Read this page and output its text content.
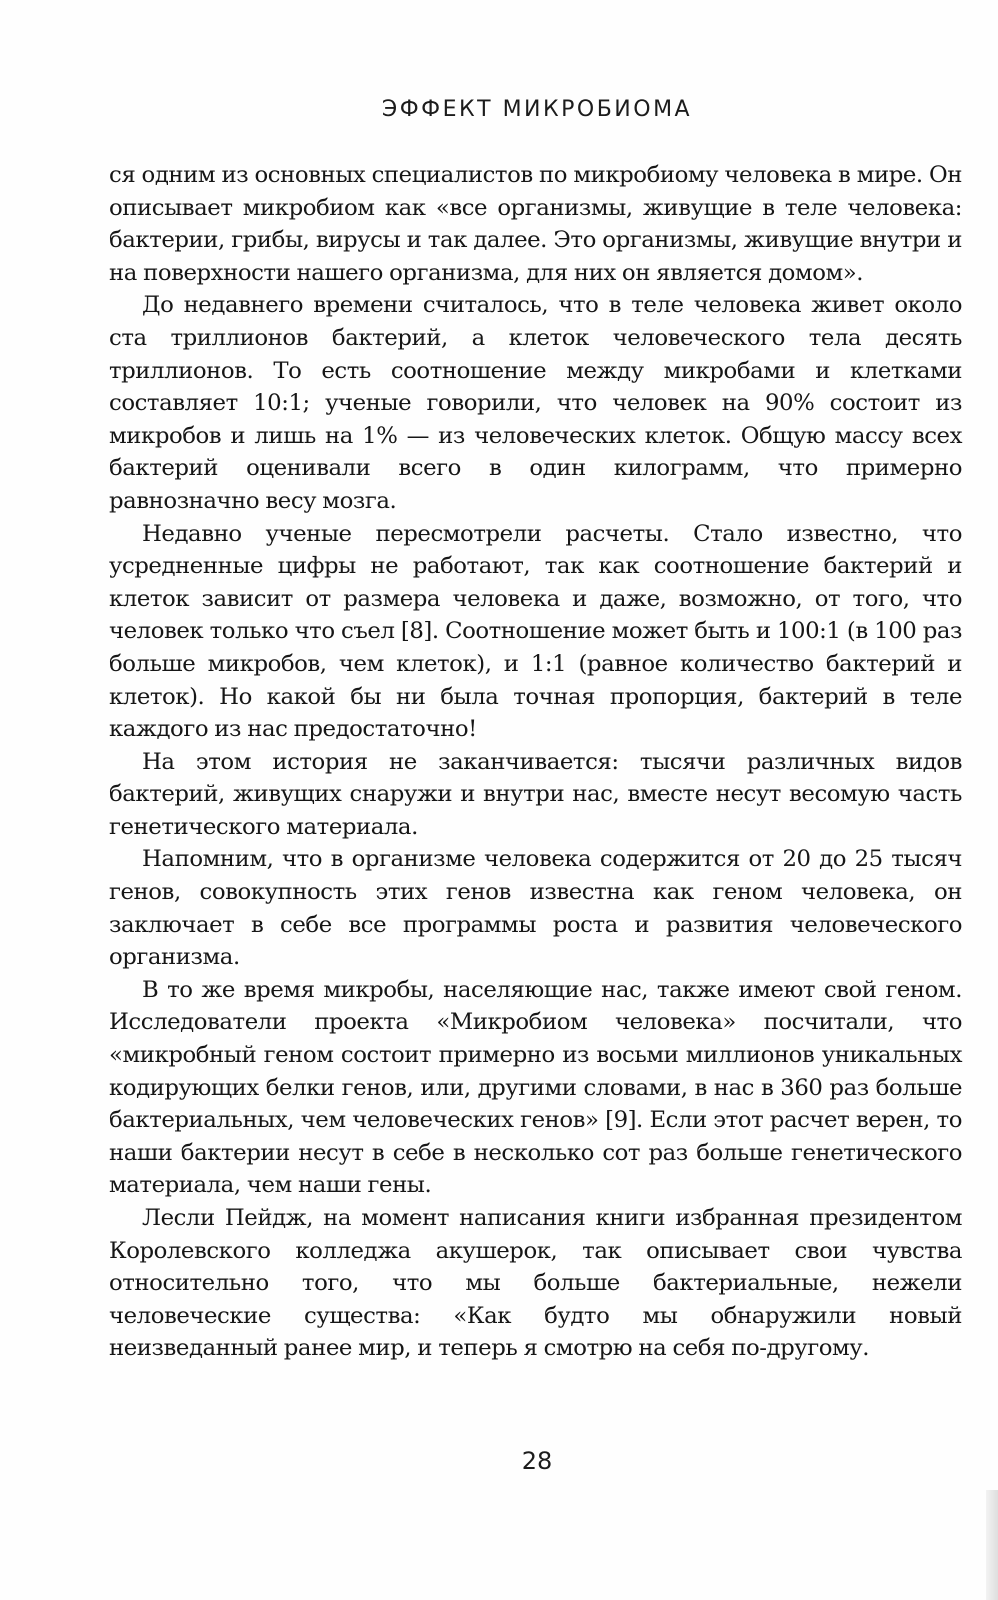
ЭФФЕКТ МИКРОБИОМА

ся одним из основных специалистов по микробиому человека в мире. Он описывает микробиом как «все организмы, живущие в теле человека: бактерии, грибы, вирусы и так далее. Это организмы, живущие внутри и на поверхности нашего организма, для них он является домом».

До недавнего времени считалось, что в теле человека живет около ста триллионов бактерий, а клеток человеческого тела десять триллионов. То есть соотношение между микробами и клетками составляет 10:1; ученые говорили, что человек на 90% состоит из микробов и лишь на 1% — из человеческих клеток. Общую массу всех бактерий оценивали всего в один килограмм, что примерно равнозначно весу мозга.

Недавно ученые пересмотрели расчеты. Стало известно, что усредненные цифры не работают, так как соотношение бактерий и клеток зависит от размера человека и даже, возможно, от того, что человек только что съел [8]. Соотношение может быть и 100:1 (в 100 раз больше микробов, чем клеток), и 1:1 (равное количество бактерий и клеток). Но какой бы ни была точная пропорция, бактерий в теле каждого из нас предостаточно!

На этом история не заканчивается: тысячи различных видов бактерий, живущих снаружи и внутри нас, вместе несут весомую часть генетического материала.

Напомним, что в организме человека содержится от 20 до 25 тысяч генов, совокупность этих генов известна как геном человека, он заключает в себе все программы роста и развития человеческого организма.

В то же время микробы, населяющие нас, также имеют свой геном. Исследователи проекта «Микробиом человека» посчитали, что «микробный геном состоит примерно из восьми миллионов уникальных кодирующих белки генов, или, другими словами, в нас в 360 раз больше бактериальных, чем человеческих генов» [9]. Если этот расчет верен, то наши бактерии несут в себе в несколько сот раз больше генетического материала, чем наши гены.

Лесли Пейдж, на момент написания книги избранная президентом Королевского колледжа акушерок, так описывает свои чувства относительно того, что мы больше бактериальные, нежели человеческие существа: «Как будто мы обнаружили новый неизведанный ранее мир, и теперь я смотрю на себя по-другому.

28
